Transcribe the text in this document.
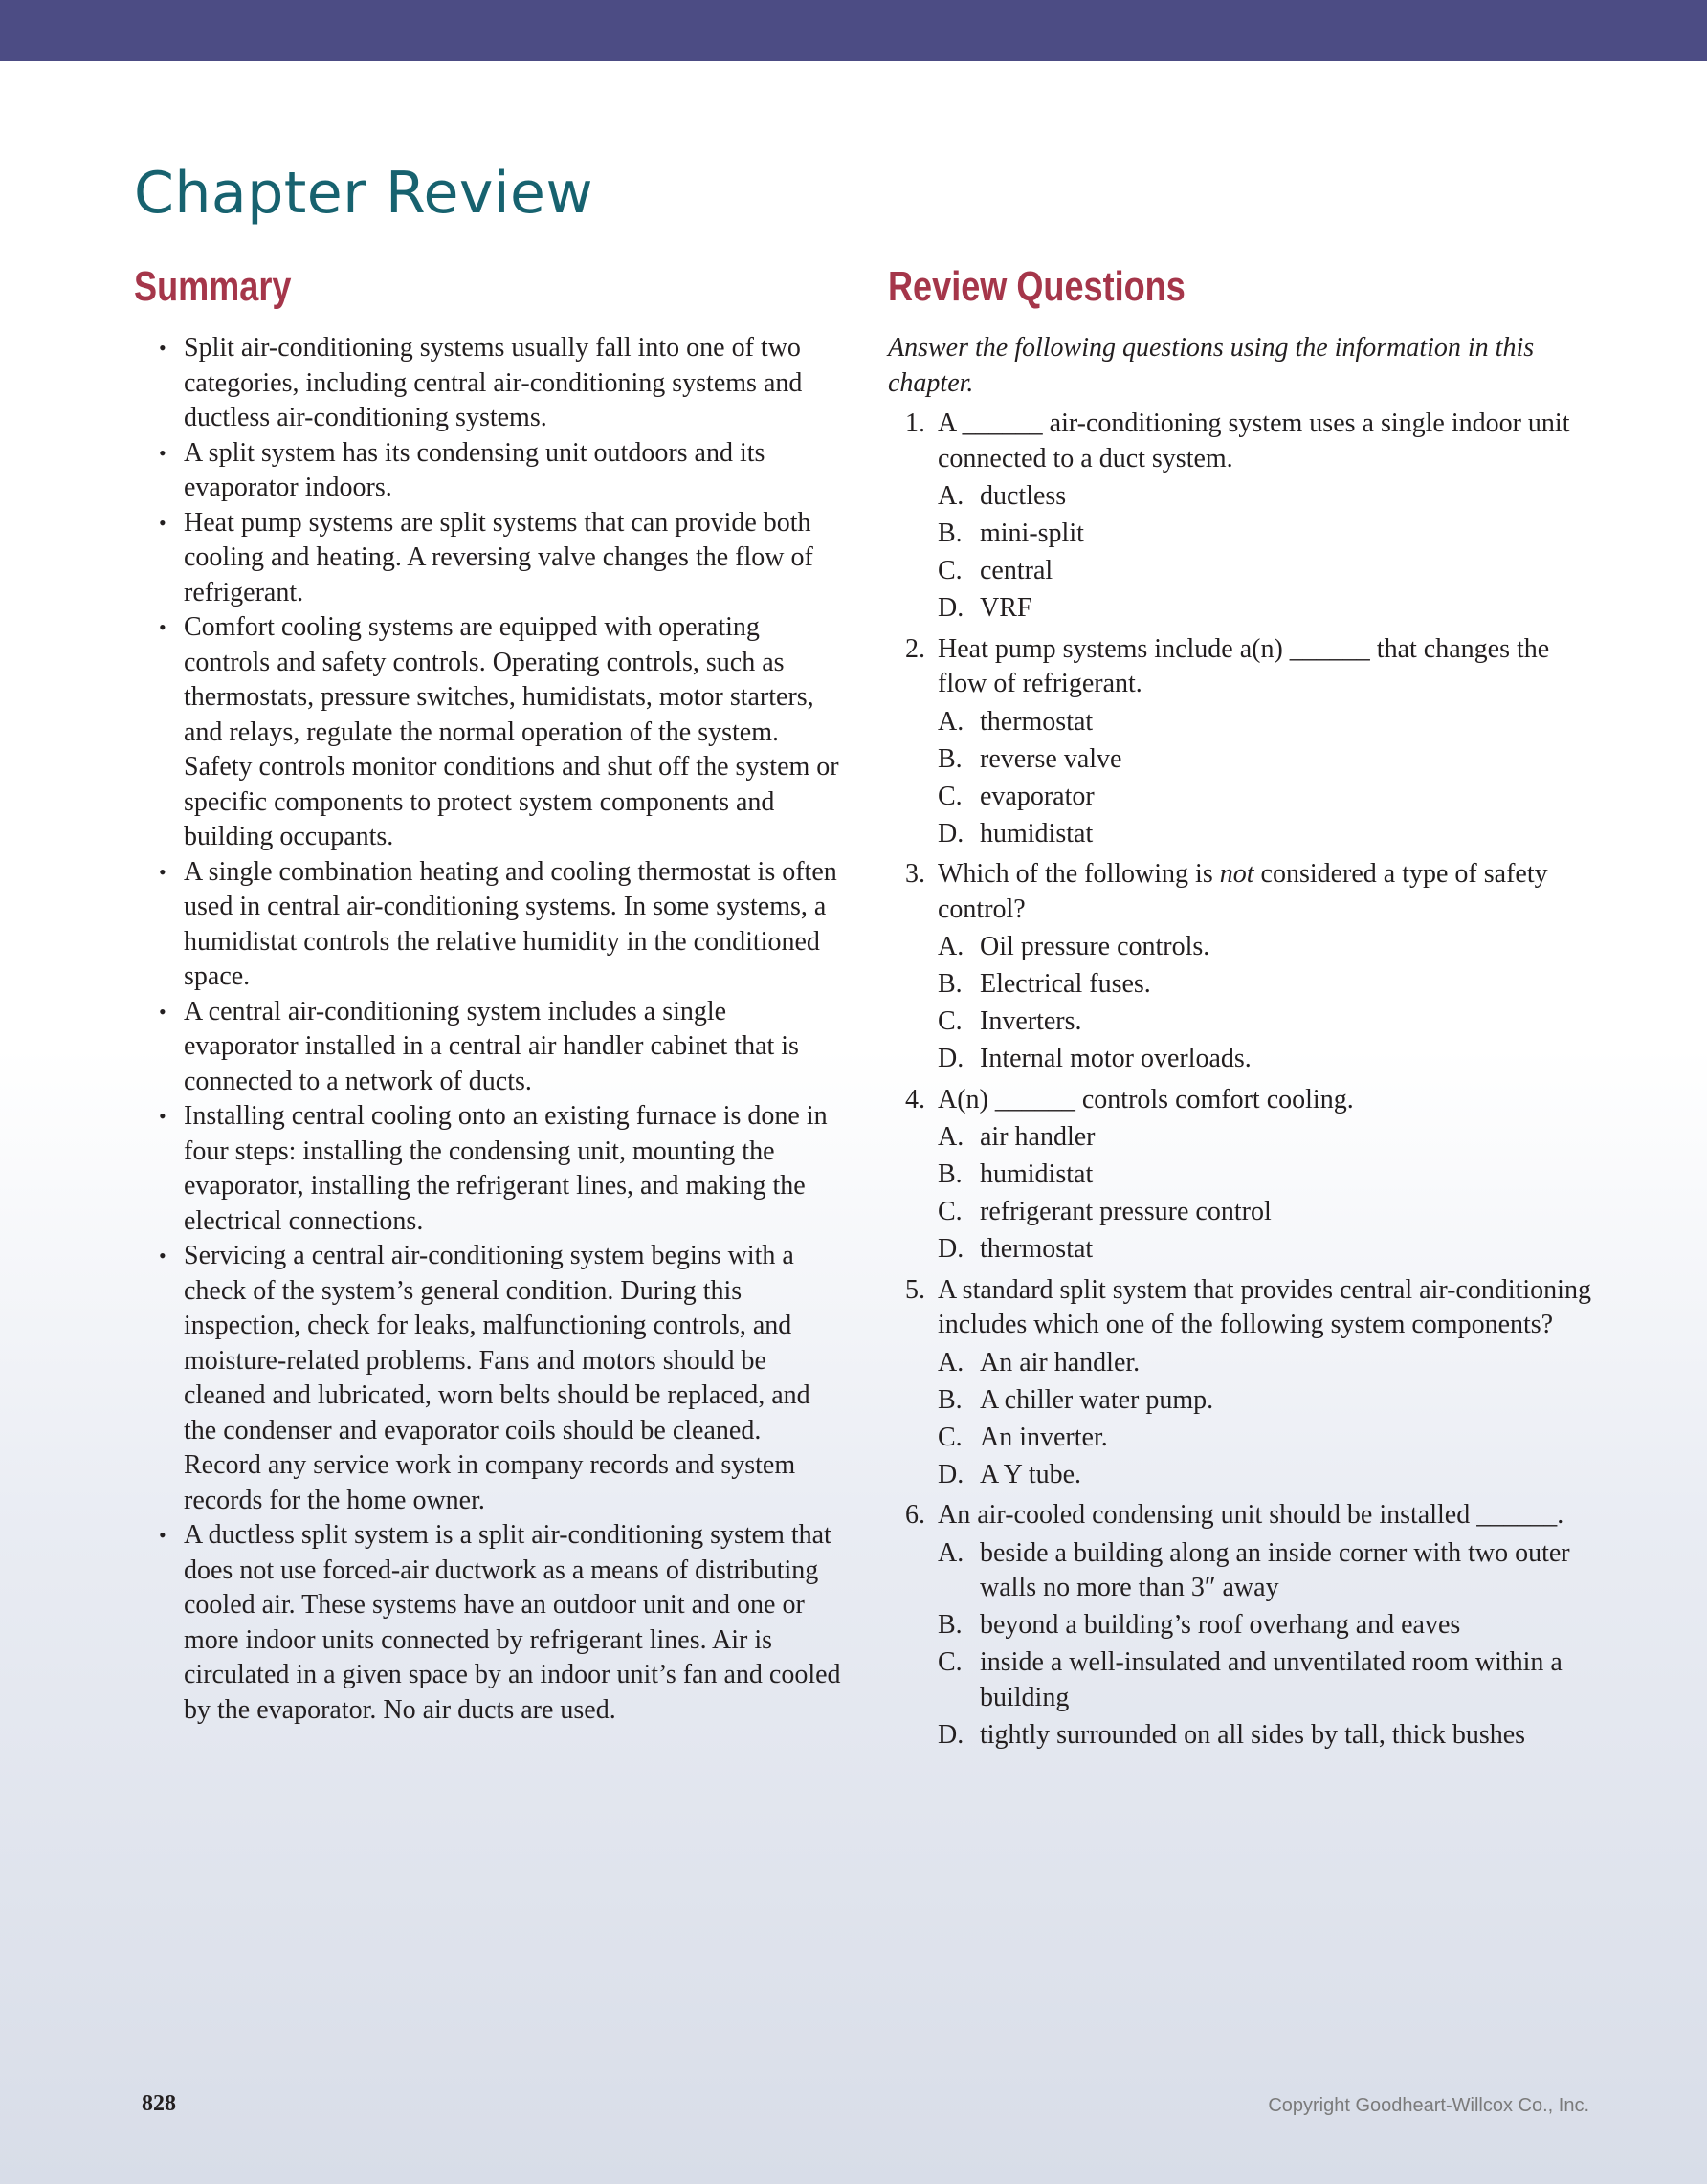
Chapter Review
Summary
• Split air-conditioning systems usually fall into one of two categories, including central air-conditioning systems and ductless air-conditioning systems.
• A split system has its condensing unit outdoors and its evaporator indoors.
• Heat pump systems are split systems that can provide both cooling and heating. A reversing valve changes the flow of refrigerant.
• Comfort cooling systems are equipped with operating controls and safety controls. Operating controls, such as thermostats, pressure switches, humidistats, motor starters, and relays, regulate the normal operation of the system. Safety controls monitor conditions and shut off the system or specific components to protect system components and building occupants.
• A single combination heating and cooling thermostat is often used in central air-conditioning systems. In some systems, a humidistat controls the relative humidity in the conditioned space.
• A central air-conditioning system includes a single evaporator installed in a central air handler cabinet that is connected to a network of ducts.
• Installing central cooling onto an existing furnace is done in four steps: installing the condensing unit, mounting the evaporator, installing the refrigerant lines, and making the electrical connections.
• Servicing a central air-conditioning system begins with a check of the system’s general condition. During this inspection, check for leaks, malfunctioning controls, and moisture-related problems. Fans and motors should be cleaned and lubricated, worn belts should be replaced, and the condenser and evaporator coils should be cleaned. Record any service work in company records and system records for the home owner.
• A ductless split system is a split air-conditioning system that does not use forced-air ductwork as a means of distributing cooled air. These systems have an outdoor unit and one or more indoor units connected by refrigerant lines. Air is circulated in a given space by an indoor unit’s fan and cooled by the evaporator. No air ducts are used.
Review Questions

Answer the following questions using the information in this chapter.

1. A ______ air-conditioning system uses a single indoor unit connected to a duct system.
A. ductless
B. mini-split
C. central
D. VRF
2. Heat pump systems include a(n) ______ that changes the flow of refrigerant.
A. thermostat
B. reverse valve
C. evaporator
D. humidistat
3. Which of the following is not considered a type of safety control?
A. Oil pressure controls.
B. Electrical fuses.
C. Inverters.
D. Internal motor overloads.
4. A(n) ______ controls comfort cooling.
A. air handler
B. humidistat
C. refrigerant pressure control
D. thermostat
5. A standard split system that provides central air-conditioning includes which one of the following system components?
A. An air handler.
B. A chiller water pump.
C. An inverter.
D. A Y tube.
6. An air-cooled condensing unit should be installed ______.
A. beside a building along an inside corner with two outer walls no more than 3″ away
B. beyond a building’s roof overhang and eaves
C. inside a well-insulated and unventilated room within a building
D. tightly surrounded on all sides by tall, thick bushes
828	Copyright Goodheart-Willcox Co., Inc.
